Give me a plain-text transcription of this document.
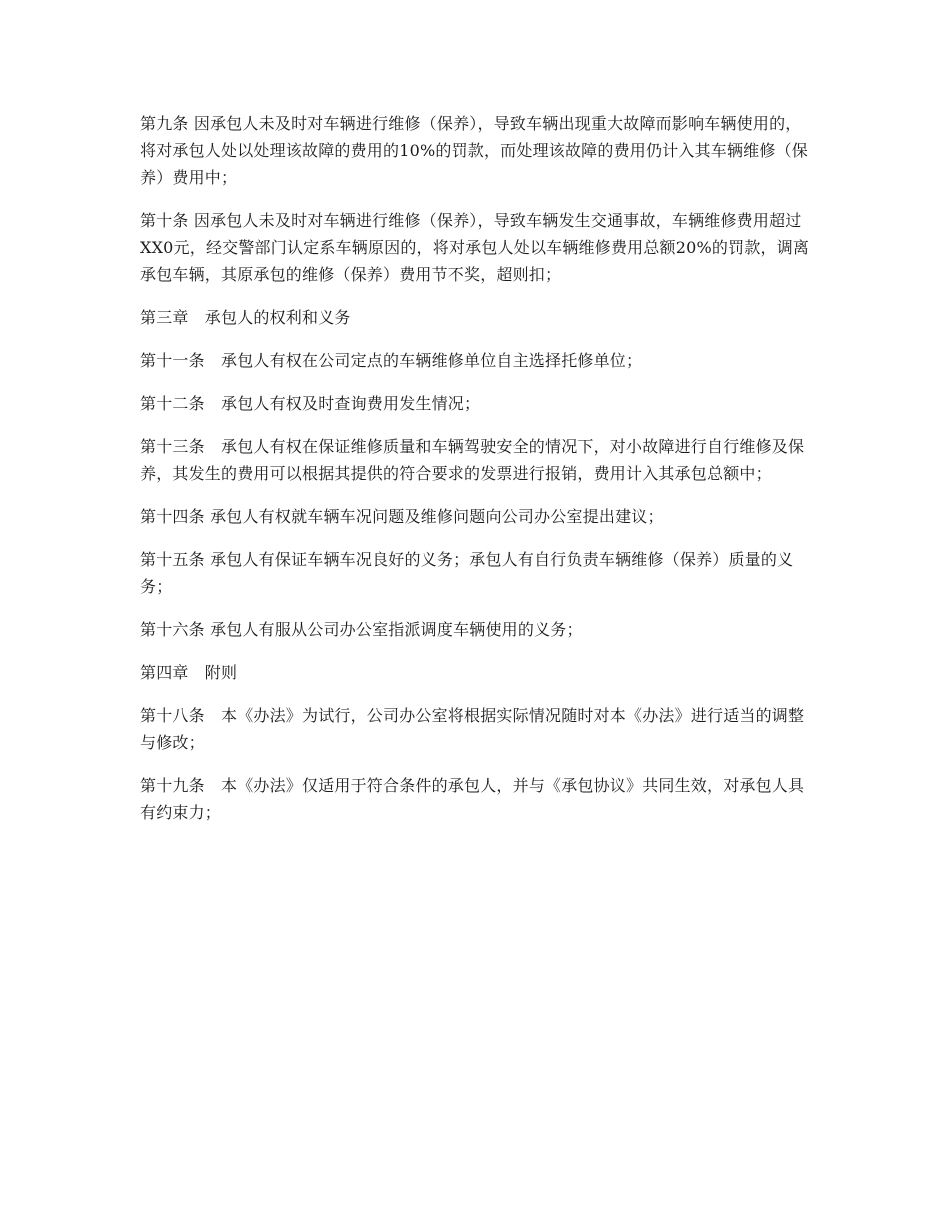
第九条 因承包人未及时对车辆进行维修（保养），导致车辆出现重大故障而影响车辆使用的，将对承包人处以处理该故障的费用的10%的罚款，而处理该故障的费用仍计入其车辆维修（保养）费用中；

第十条 因承包人未及时对车辆进行维修（保养），导致车辆发生交通事故，车辆维修费用超过XX0元，经交警部门认定系车辆原因的，将对承包人处以车辆维修费用总额20%的罚款，调离承包车辆，其原承包的维修（保养）费用节不奖，超则扣；

第三章　承包人的权利和义务

第十一条　承包人有权在公司定点的车辆维修单位自主选择托修单位；

第十二条　承包人有权及时查询费用发生情况；

第十三条　承包人有权在保证维修质量和车辆驾驶安全的情况下，对小故障进行自行维修及保养，其发生的费用可以根据其提供的符合要求的发票进行报销，费用计入其承包总额中；

第十四条 承包人有权就车辆车况问题及维修问题向公司办公室提出建议；

第十五条 承包人有保证车辆车况良好的义务；承包人有自行负责车辆维修（保养）质量的义务；

第十六条 承包人有服从公司办公室指派调度车辆使用的义务；

第四章　附则

第十八条　本《办法》为试行，公司办公室将根据实际情况随时对本《办法》进行适当的调整与修改；

第十九条　本《办法》仅适用于符合条件的承包人，并与《承包协议》共同生效，对承包人具有约束力；
